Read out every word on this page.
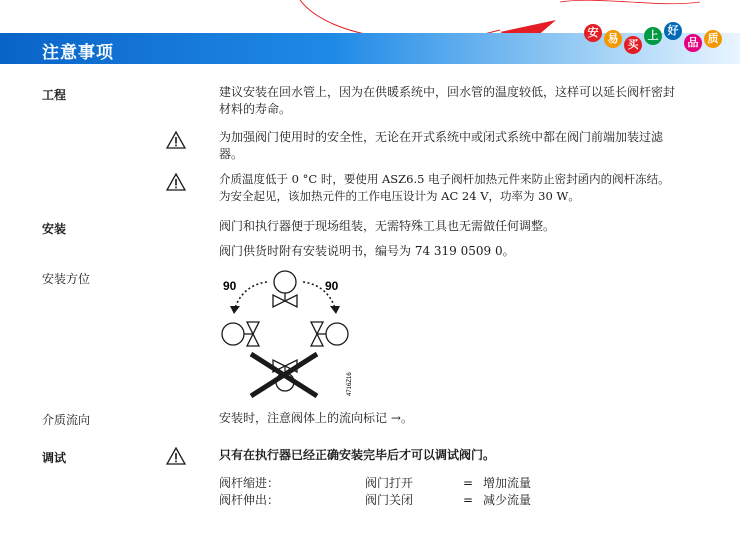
注意事项
安 易 买
上 好
品 质
工程	建议安装在回水管上，因为在供暖系统中，回水管的温度较低，这样可以延长阀杆密封
材料的寿命。
为加强阀门使用时的安全性，无论在开式系统中或闭式系统中都在阀门前端加装过滤
器。
介质温度低于 0 °C 时，要使用 ASZ6.5 电子阀杆加热元件来防止密封函内的阀杆冻结。
为安全起见，该加热元件的工作电压设计为 AC 24 V，功率为 30 W。
安装	阀门和执行器便于现场组装，无需特殊工具也无需做任何调整。
阀门供货时附有安装说明书，编号为 74 319 0509 0。
安装方位	90	90
4716Z16
介质流向	安装时，注意阀体上的流向标记 →。
调试	只有在执行器已经正确安装完毕后才可以调试阀门。
阀杆缩进：	阀门打开	= 增加流量
阀杆伸出：	阀门关闭	= 减少流量
